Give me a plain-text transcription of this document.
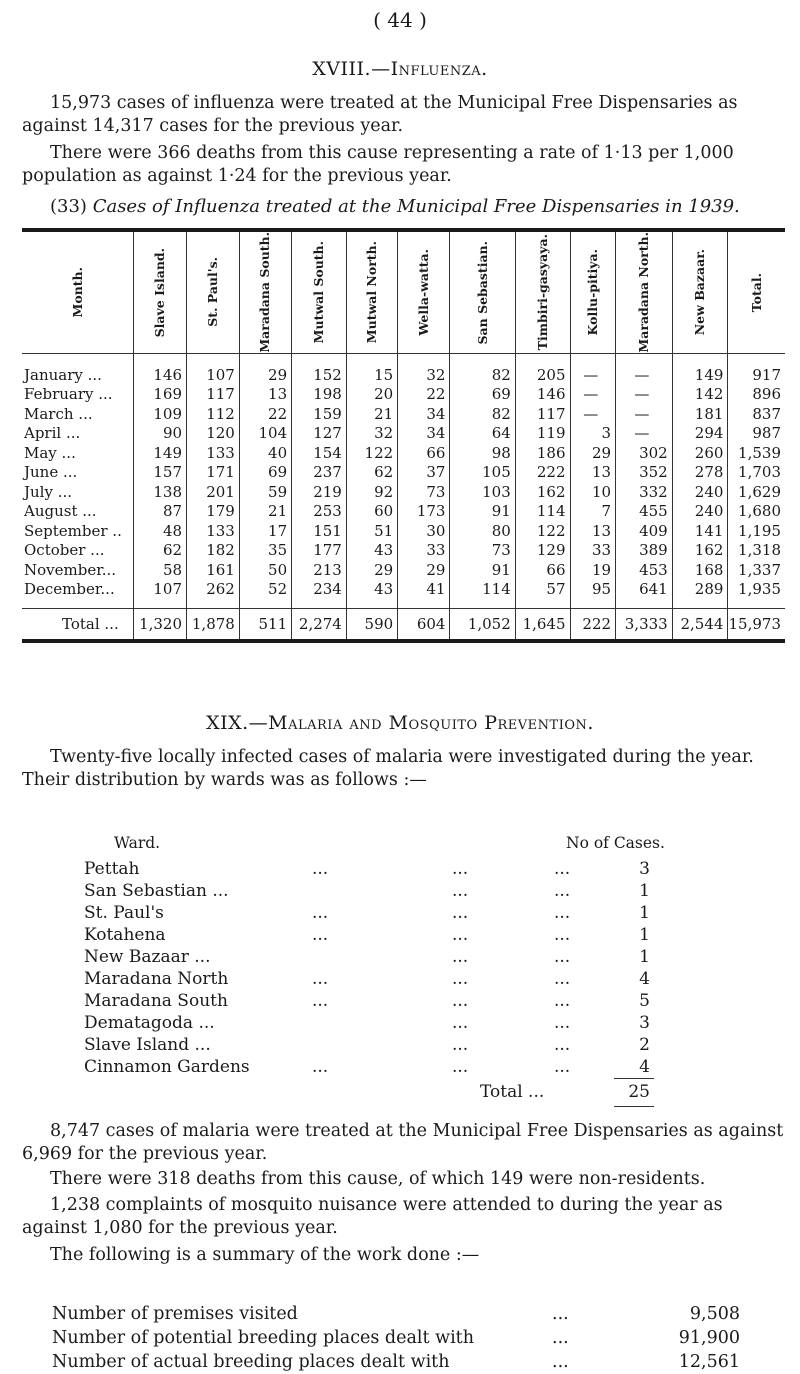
( 44 )
XVIII.—Influenza.
15,973 cases of influenza were treated at the Municipal Free Dispensaries as against 14,317 cases for the previous year.
There were 366 deaths from this cause representing a rate of 1·13 per 1,000 population as against 1·24 for the previous year.
(33) Cases of Influenza treated at the Municipal Free Dispensaries in 1939.
Month.	Slave Island.	St. Paul's.	Maradana South.	Mutwal South.	Mutwal North.	Wella-watta.	San Sebastian.	Timbiri-gasyaya.	Kollu-pitiya.	Maradana North.	New Bazaar.	Total.

January ...	146	107	29	152	15	32	82	205	—	—	149	917
February ...	169	117	13	198	20	22	69	146	—	—	142	896
March ...	109	112	22	159	21	34	82	117	—	—	181	837
April ...	90	120	104	127	32	34	64	119	3	—	294	987
May ...	149	133	40	154	122	66	98	186	29	302	260	1,539
June ...	157	171	69	237	62	37	105	222	13	352	278	1,703
July ...	138	201	59	219	92	73	103	162	10	332	240	1,629
August ...	87	179	21	253	60	173	91	114	7	455	240	1,680
September ..	48	133	17	151	51	30	80	122	13	409	141	1,195
October ...	62	182	35	177	43	33	73	129	33	389	162	1,318
November...	58	161	50	213	29	29	91	66	19	453	168	1,337
December...	107	262	52	234	43	41	114	57	95	641	289	1,935
Total ...	1,320	1,878	511	2,274	590	604	1,052	1,645	222	3,333	2,544	15,973
XIX.—Malaria and Mosquito Prevention.
Twenty-five locally infected cases of malaria were investigated during the year. Their distribution by wards was as follows :—
Ward.	No of Cases.
Pettah	...	...	...	3
San Sebastian ...	...	...	1
St. Paul's	...	...	...	1
Kotahena	...	...	...	1
New Bazaar ...	...	...	1
Maradana North	...	...	...	4
Maradana South	...	...	...	5
Dematagoda ...	...	...	3
Slave Island ...	...	...	2
Cinnamon Gardens	...	...	...	4
Total ...	25
8,747 cases of malaria were treated at the Municipal Free Dispensaries as against 6,969 for the previous year.
There were 318 deaths from this cause, of which 149 were non-residents.
1,238 complaints of mosquito nuisance were attended to during the year as against 1,080 for the previous year.
The following is a summary of the work done :—
Number of premises visited	...	9,508
Number of potential breeding places dealt with	...	91,900
Number of actual breeding places dealt with	...	12,561
